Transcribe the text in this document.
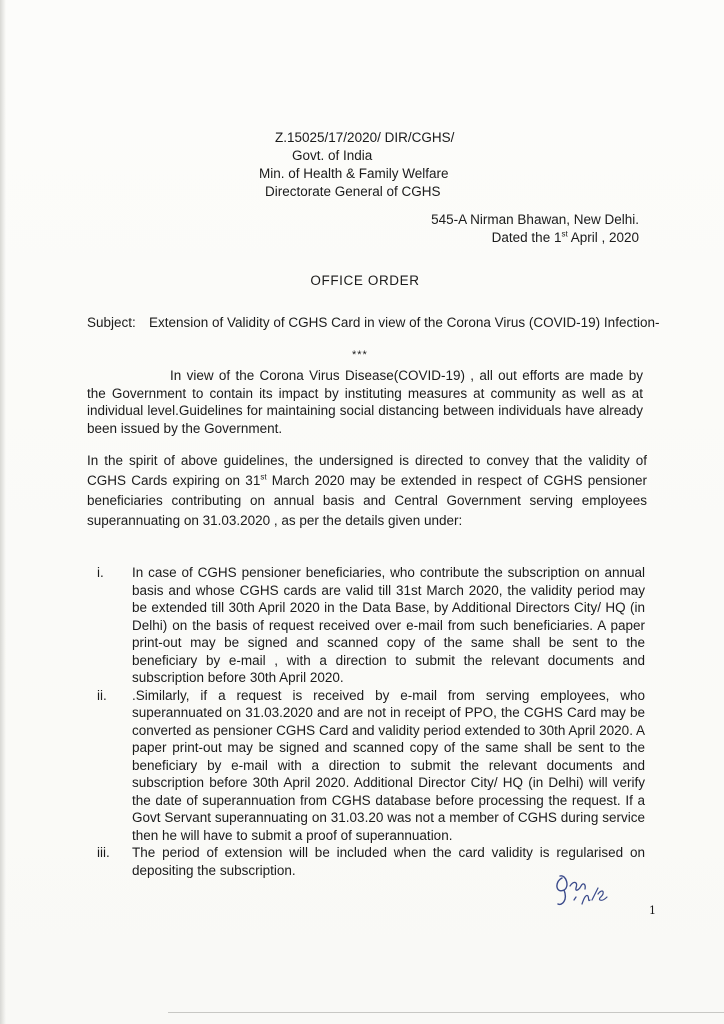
Z.15025/17/2020/ DIR/CGHS/
Govt. of India
Min. of Health & Family Welfare
Directorate General of CGHS
545-A Nirman Bhawan, New Delhi.
Dated the 1st April , 2020
OFFICE ORDER
Subject: Extension of Validity of CGHS Card in view of the Corona Virus (COVID-19) Infection-
***
In view of the Corona Virus Disease(COVID-19) , all out efforts are made by the Government to contain its impact by instituting measures at community as well as at individual level.Guidelines for maintaining social distancing between individuals have already been issued by the Government.
In the spirit of above guidelines, the undersigned is directed to convey that the validity of CGHS Cards expiring on 31st March 2020 may be extended in respect of CGHS pensioner beneficiaries contributing on annual basis and Central Government serving employees superannuating on 31.03.2020 , as per the details given under:
i.	In case of CGHS pensioner beneficiaries, who contribute the subscription on annual basis and whose CGHS cards are valid till 31st March 2020, the validity period may be extended till 30th April 2020 in the Data Base, by Additional Directors City/ HQ (in Delhi) on the basis of request received over e-mail from such beneficiaries. A paper print-out may be signed and scanned copy of the same shall be sent to the beneficiary by e-mail , with a direction to submit the relevant documents and subscription before 30th April 2020.
ii.	.Similarly, if a request is received by e-mail from serving employees, who superannuated on 31.03.2020 and are not in receipt of PPO, the CGHS Card may be converted as pensioner CGHS Card and validity period extended to 30th April 2020. A paper print-out may be signed and scanned copy of the same shall be sent to the beneficiary by e-mail with a direction to submit the relevant documents and subscription before 30th April 2020. Additional Director City/ HQ (in Delhi) will verify the date of superannuation from CGHS database before processing the request. If a Govt Servant superannuating on 31.03.20 was not a member of CGHS during service then he will have to submit a proof of superannuation.
iii.	The period of extension will be included when the card validity is regularised on depositing the subscription.
1
